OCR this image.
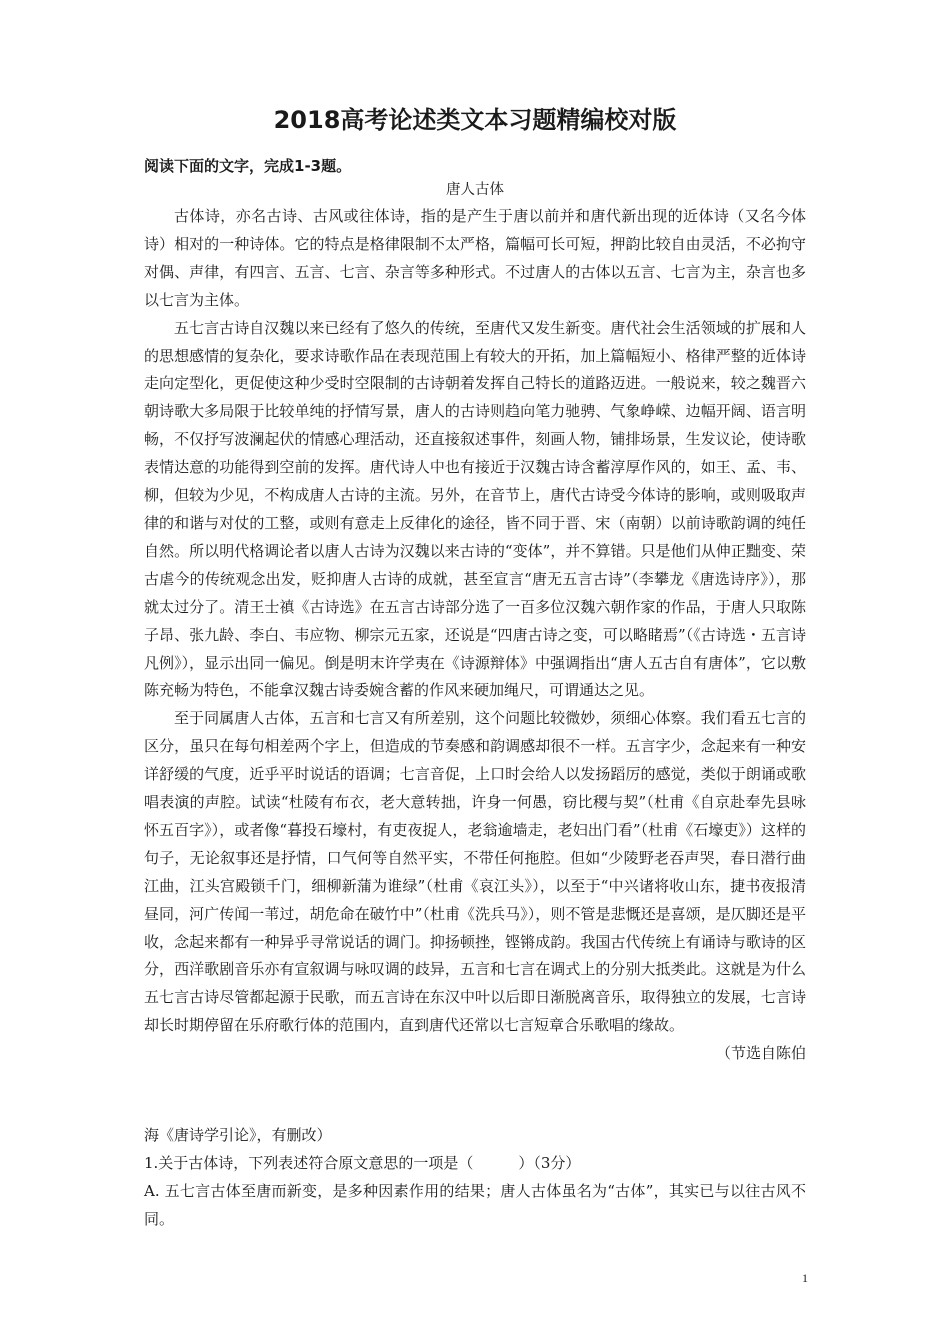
2018高考论述类文本习题精编校对版

阅读下面的文字，完成1-3题。

唐人古体

古体诗，亦名古诗、古风或往体诗，指的是产生于唐以前并和唐代新出现的近体诗（又名今体诗）相对的一种诗体。它的特点是格律限制不太严格，篇幅可长可短，押韵比较自由灵活，不必拘守对偶、声律，有四言、五言、七言、杂言等多种形式。不过唐人的古体以五言、七言为主，杂言也多以七言为主体。

五七言古诗自汉魏以来已经有了悠久的传统，至唐代又发生新变。唐代社会生活领域的扩展和人的思想感情的复杂化，要求诗歌作品在表现范围上有较大的开拓，加上篇幅短小、格律严整的近体诗走向定型化，更促使这种少受时空限制的古诗朝着发挥自己特长的道路迈进。一般说来，较之魏晋六朝诗歌大多局限于比较单纯的抒情写景，唐人的古诗则趋向笔力驰骋、气象峥嵘、边幅开阔、语言明畅，不仅抒写波澜起伏的情感心理活动，还直接叙述事件，刻画人物，铺排场景，生发议论，使诗歌表情达意的功能得到空前的发挥。唐代诗人中也有接近于汉魏古诗含蓄淳厚作风的，如王、孟、韦、柳，但较为少见，不构成唐人古诗的主流。另外，在音节上，唐代古诗受今体诗的影响，或则吸取声律的和谐与对仗的工整，或则有意走上反律化的途径，皆不同于晋、宋（南朝）以前诗歌韵调的纯任自然。所以明代格调论者以唐人古诗为汉魏以来古诗的“变体”，并不算错。只是他们从伸正黜变、荣古虐今的传统观念出发，贬抑唐人古诗的成就，甚至宣言“唐无五言古诗”（李攀龙《唐选诗序》），那就太过分了。清王士禛《古诗选》在五言古诗部分选了一百多位汉魏六朝作家的作品，于唐人只取陈子昂、张九龄、李白、韦应物、柳宗元五家，还说是“四唐古诗之变，可以略睹焉”（《古诗选・五言诗凡例》），显示出同一偏见。倒是明末许学夷在《诗源辩体》中强调指出“唐人五古自有唐体”，它以敷陈充畅为特色，不能拿汉魏古诗委婉含蓄的作风来硬加绳尺，可谓通达之见。

至于同属唐人古体，五言和七言又有所差别，这个问题比较微妙，须细心体察。我们看五七言的区分，虽只在每句相差两个字上，但造成的节奏感和韵调感却很不一样。五言字少，念起来有一种安详舒缓的气度，近乎平时说话的语调；七言音促，上口时会给人以发扬蹈厉的感觉，类似于朗诵或歌唱表演的声腔。试读“杜陵有布衣，老大意转拙，许身一何愚，窃比稷与契”（杜甫《自京赴奉先县咏怀五百字》），或者像“暮投石壕村，有吏夜捉人，老翁逾墙走，老妇出门看”（杜甫《石壕吏》）这样的句子，无论叙事还是抒情，口气何等自然平实，不带任何拖腔。但如“少陵野老吞声哭，春日潜行曲江曲，江头宫殿锁千门，细柳新蒲为谁绿”（杜甫《哀江头》），以至于“中兴诸将收山东，捷书夜报清昼同，河广传闻一苇过，胡危命在破竹中”（杜甫《洗兵马》），则不管是悲慨还是喜颂，是仄脚还是平收，念起来都有一种异乎寻常说话的调门。抑扬顿挫，铿锵成韵。我国古代传统上有诵诗与歌诗的区分，西洋歌剧音乐亦有宣叙调与咏叹调的歧异，五言和七言在调式上的分别大抵类此。这就是为什么五七言古诗尽管都起源于民歌，而五言诗在东汉中叶以后即日渐脱离音乐，取得独立的发展，七言诗却长时期停留在乐府歌行体的范围内，直到唐代还常以七言短章合乐歌唱的缘故。

（节选自陈伯

海《唐诗学引论》，有删改）

1.关于古体诗，下列表述符合原文意思的一项是（　　　）（3分）

A. 五七言古体至唐而新变，是多种因素作用的结果；唐人古体虽名为“古体”，其实已与以往古风不同。

1
